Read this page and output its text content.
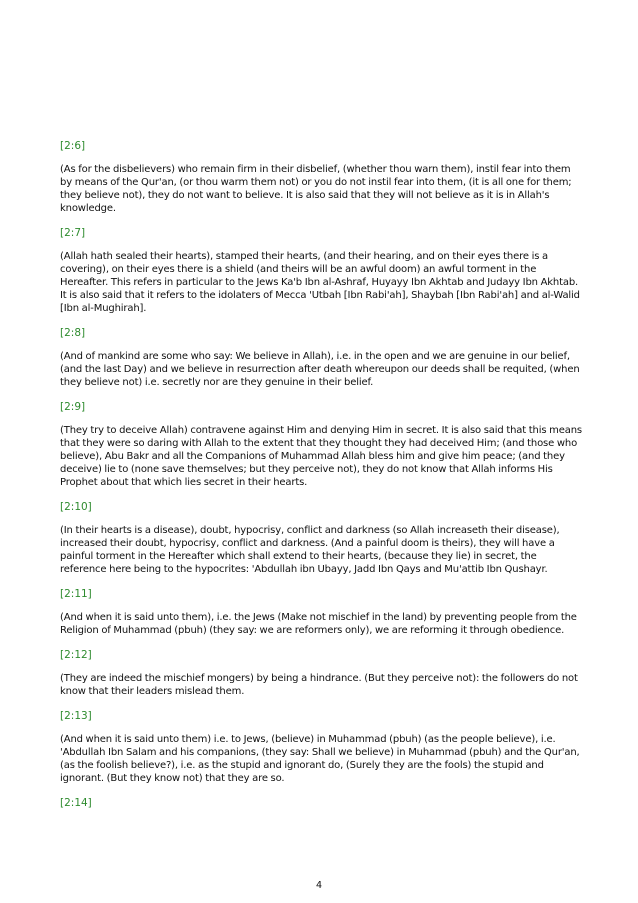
[2:6]
(As for the disbelievers) who remain firm in their disbelief, (whether thou warn them), instil fear into them by means of the Qur'an, (or thou warm them not) or you do not instil fear into them, (it is all one for them; they believe not), they do not want to believe. It is also said that they will not believe as it is in Allah's knowledge.
[2:7]
(Allah hath sealed their hearts), stamped their hearts, (and their hearing, and on their eyes there is a covering), on their eyes there is a shield (and theirs will be an awful doom) an awful torment in the Hereafter. This refers in particular to the Jews Ka'b Ibn al-Ashraf, Huyayy Ibn Akhtab and Judayy Ibn Akhtab. It is also said that it refers to the idolaters of Mecca 'Utbah [Ibn Rabi'ah], Shaybah [Ibn Rabi'ah] and al-Walid [Ibn al-Mughirah].
[2:8]
(And of mankind are some who say: We believe in Allah), i.e. in the open and we are genuine in our belief, (and the last Day) and we believe in resurrection after death whereupon our deeds shall be requited, (when they believe not) i.e. secretly nor are they genuine in their belief.
[2:9]
(They try to deceive Allah) contravene against Him and denying Him in secret. It is also said that this means that they were so daring with Allah to the extent that they thought they had deceived Him; (and those who believe), Abu Bakr and all the Companions of Muhammad Allah bless him and give him peace; (and they deceive) lie to (none save themselves; but they perceive not), they do not know that Allah informs His Prophet about that which lies secret in their hearts.
[2:10]
(In their hearts is a disease), doubt, hypocrisy, conflict and darkness (so Allah increaseth their disease), increased their doubt, hypocrisy, conflict and darkness. (And a painful doom is theirs), they will have a painful torment in the Hereafter which shall extend to their hearts, (because they lie) in secret, the reference here being to the hypocrites: 'Abdullah ibn Ubayy, Jadd Ibn Qays and Mu'attib Ibn Qushayr.
[2:11]
(And when it is said unto them), i.e. the Jews (Make not mischief in the land) by preventing people from the Religion of Muhammad (pbuh) (they say: we are reformers only), we are reforming it through obedience.
[2:12]
(They are indeed the mischief mongers) by being a hindrance. (But they perceive not): the followers do not know that their leaders mislead them.
[2:13]
(And when it is said unto them) i.e. to Jews, (believe) in Muhammad (pbuh) (as the people believe), i.e. 'Abdullah Ibn Salam and his companions, (they say: Shall we believe) in Muhammad (pbuh) and the Qur'an, (as the foolish believe?), i.e. as the stupid and ignorant do, (Surely they are the fools) the stupid and ignorant. (But they know not) that they are so.
[2:14]
4
